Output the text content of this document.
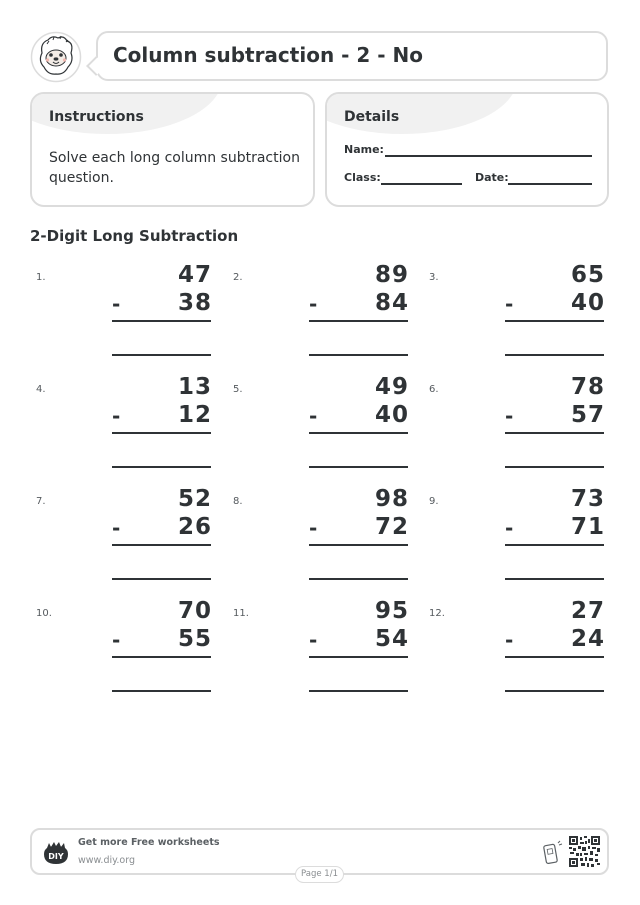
Column subtraction - 2 - No
Instructions
Solve each long column subtraction question.
Details
Name:
Class:	Date:
2-Digit Long Subtraction
1.	47
-	38
2.	89
-	84
3.	65
-	40
4.	13
-	12
5.	49
-	40
6.	78
-	57
7.	52
-	26
8.	98
-	72
9.	73
-	71
10.	70
-	55
11.	95
-	54
12.	27
-	24
DIY
Get more Free worksheets
www.diy.org
Page 1/1
